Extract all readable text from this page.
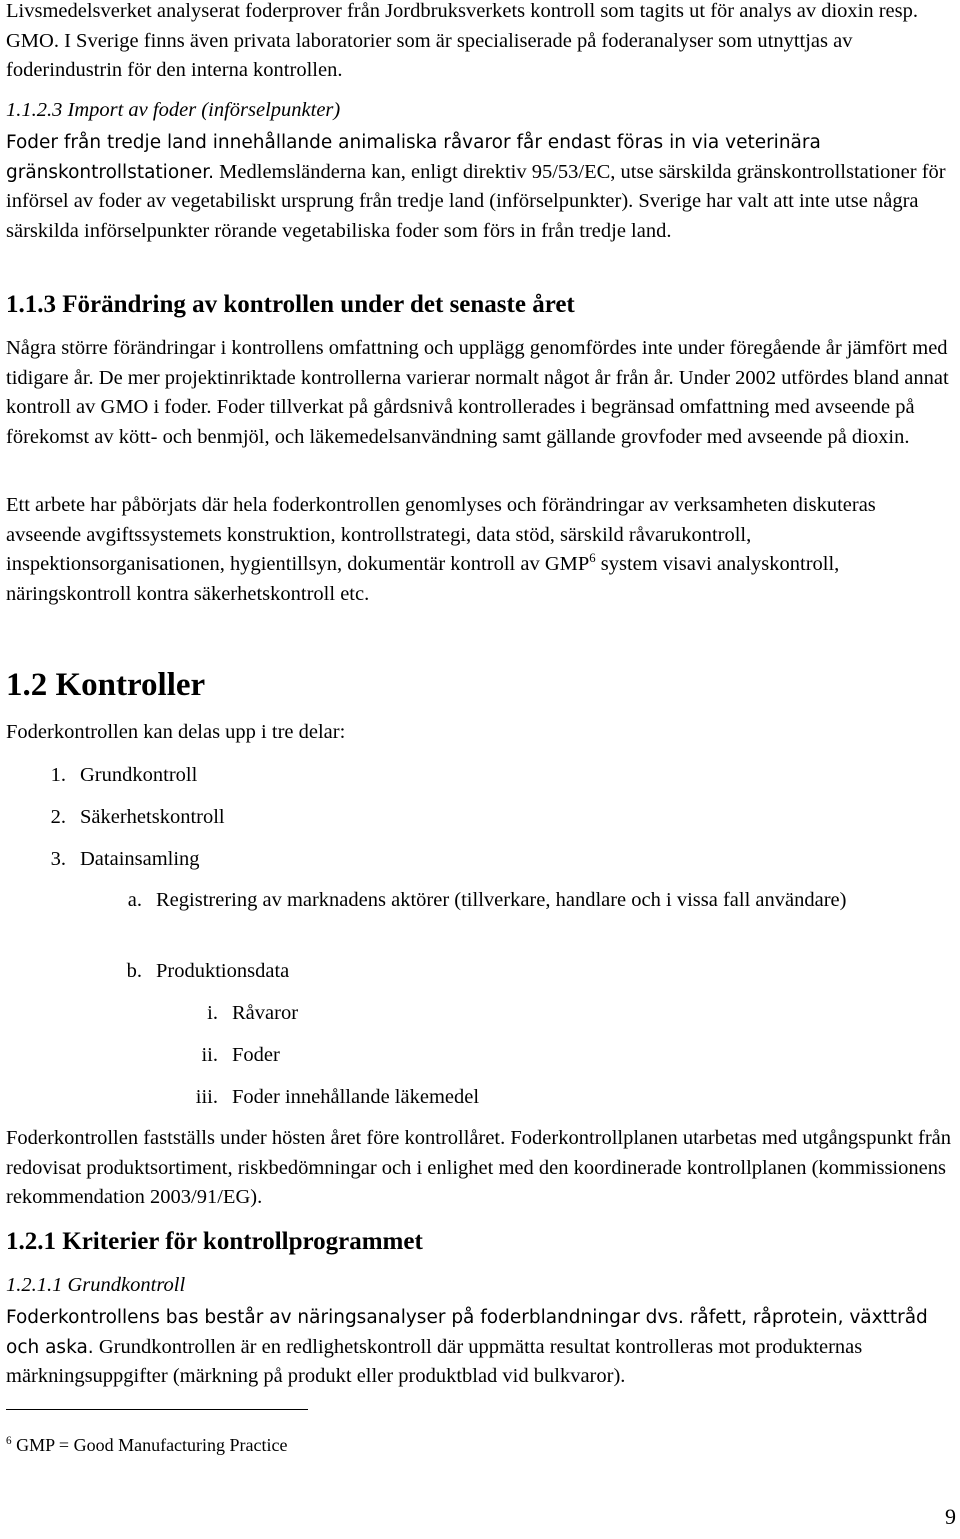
Livsmedelsverket analyserat foderprover från Jordbruksverkets kontroll som tagits ut för analys av dioxin resp. GMO. I Sverige finns även privata laboratorier som är specialiserade på foderanalyser som utnyttjas av foderindustrin för den interna kontrollen.

1.1.2.3 Import av foder (införselpunkter)

Foder från tredje land innehållande animaliska råvaror får endast föras in via veterinära gränskontrollstationer. Medlemsländerna kan, enligt direktiv 95/53/EC, utse särskilda gränskontrollstationer för införsel av foder av vegetabiliskt ursprung från tredje land (införselpunkter). Sverige har valt att inte utse några särskilda införselpunkter rörande vegetabiliska foder som förs in från tredje land.

1.1.3 Förändring av kontrollen under det senaste året

Några större förändringar i kontrollens omfattning och upplägg genomfördes inte under föregående år jämfört med tidigare år. De mer projektinriktade kontrollerna varierar normalt något år från år. Under 2002 utfördes bland annat kontroll av GMO i foder. Foder tillverkat på gårdsnivå kontrollerades i begränsad omfattning med avseende på förekomst av kött- och benmjöl, och läkemedelsanvändning samt gällande grovfoder med avseende på dioxin.

Ett arbete har påbörjats där hela foderkontrollen genomlyses och förändringar av verksamheten diskuteras avseende avgiftssystemets konstruktion, kontrollstrategi, data stöd, särskild råvarukontroll, inspektionsorganisationen, hygientillsyn, dokumentär kontroll av GMP$^6$ system visavi analyskontroll, näringskontroll kontra säkerhetskontroll etc.

1.2 Kontroller

Foderkontrollen kan delas upp i tre delar:

1. Grundkontroll
2. Säkerhetskontroll
3. Datainsamling
a. Registrering av marknadens aktörer (tillverkare, handlare och i vissa fall användare)
b. Produktionsdata
i. Råvaror
ii. Foder
iii. Foder innehållande läkemedel

Foderkontrollen fastställs under hösten året före kontrollåret. Foderkontrollplanen utarbetas med utgångspunkt från redovisat produktsortiment, riskbedömningar och i enlighet med den koordinerade kontrollplanen (kommissionens rekommendation 2003/91/EG).

1.2.1 Kriterier för kontrollprogrammet

1.2.1.1 Grundkontroll

Foderkontrollens bas består av näringsanalyser på foderblandningar dvs. råfett, råprotein, växttråd och aska. Grundkontrollen är en redlighetskontroll där uppmätta resultat kontrolleras mot produkternas märkningsuppgifter (märkning på produkt eller produktblad vid bulkvaror).

$^6$ GMP = Good Manufacturing Practice

9
